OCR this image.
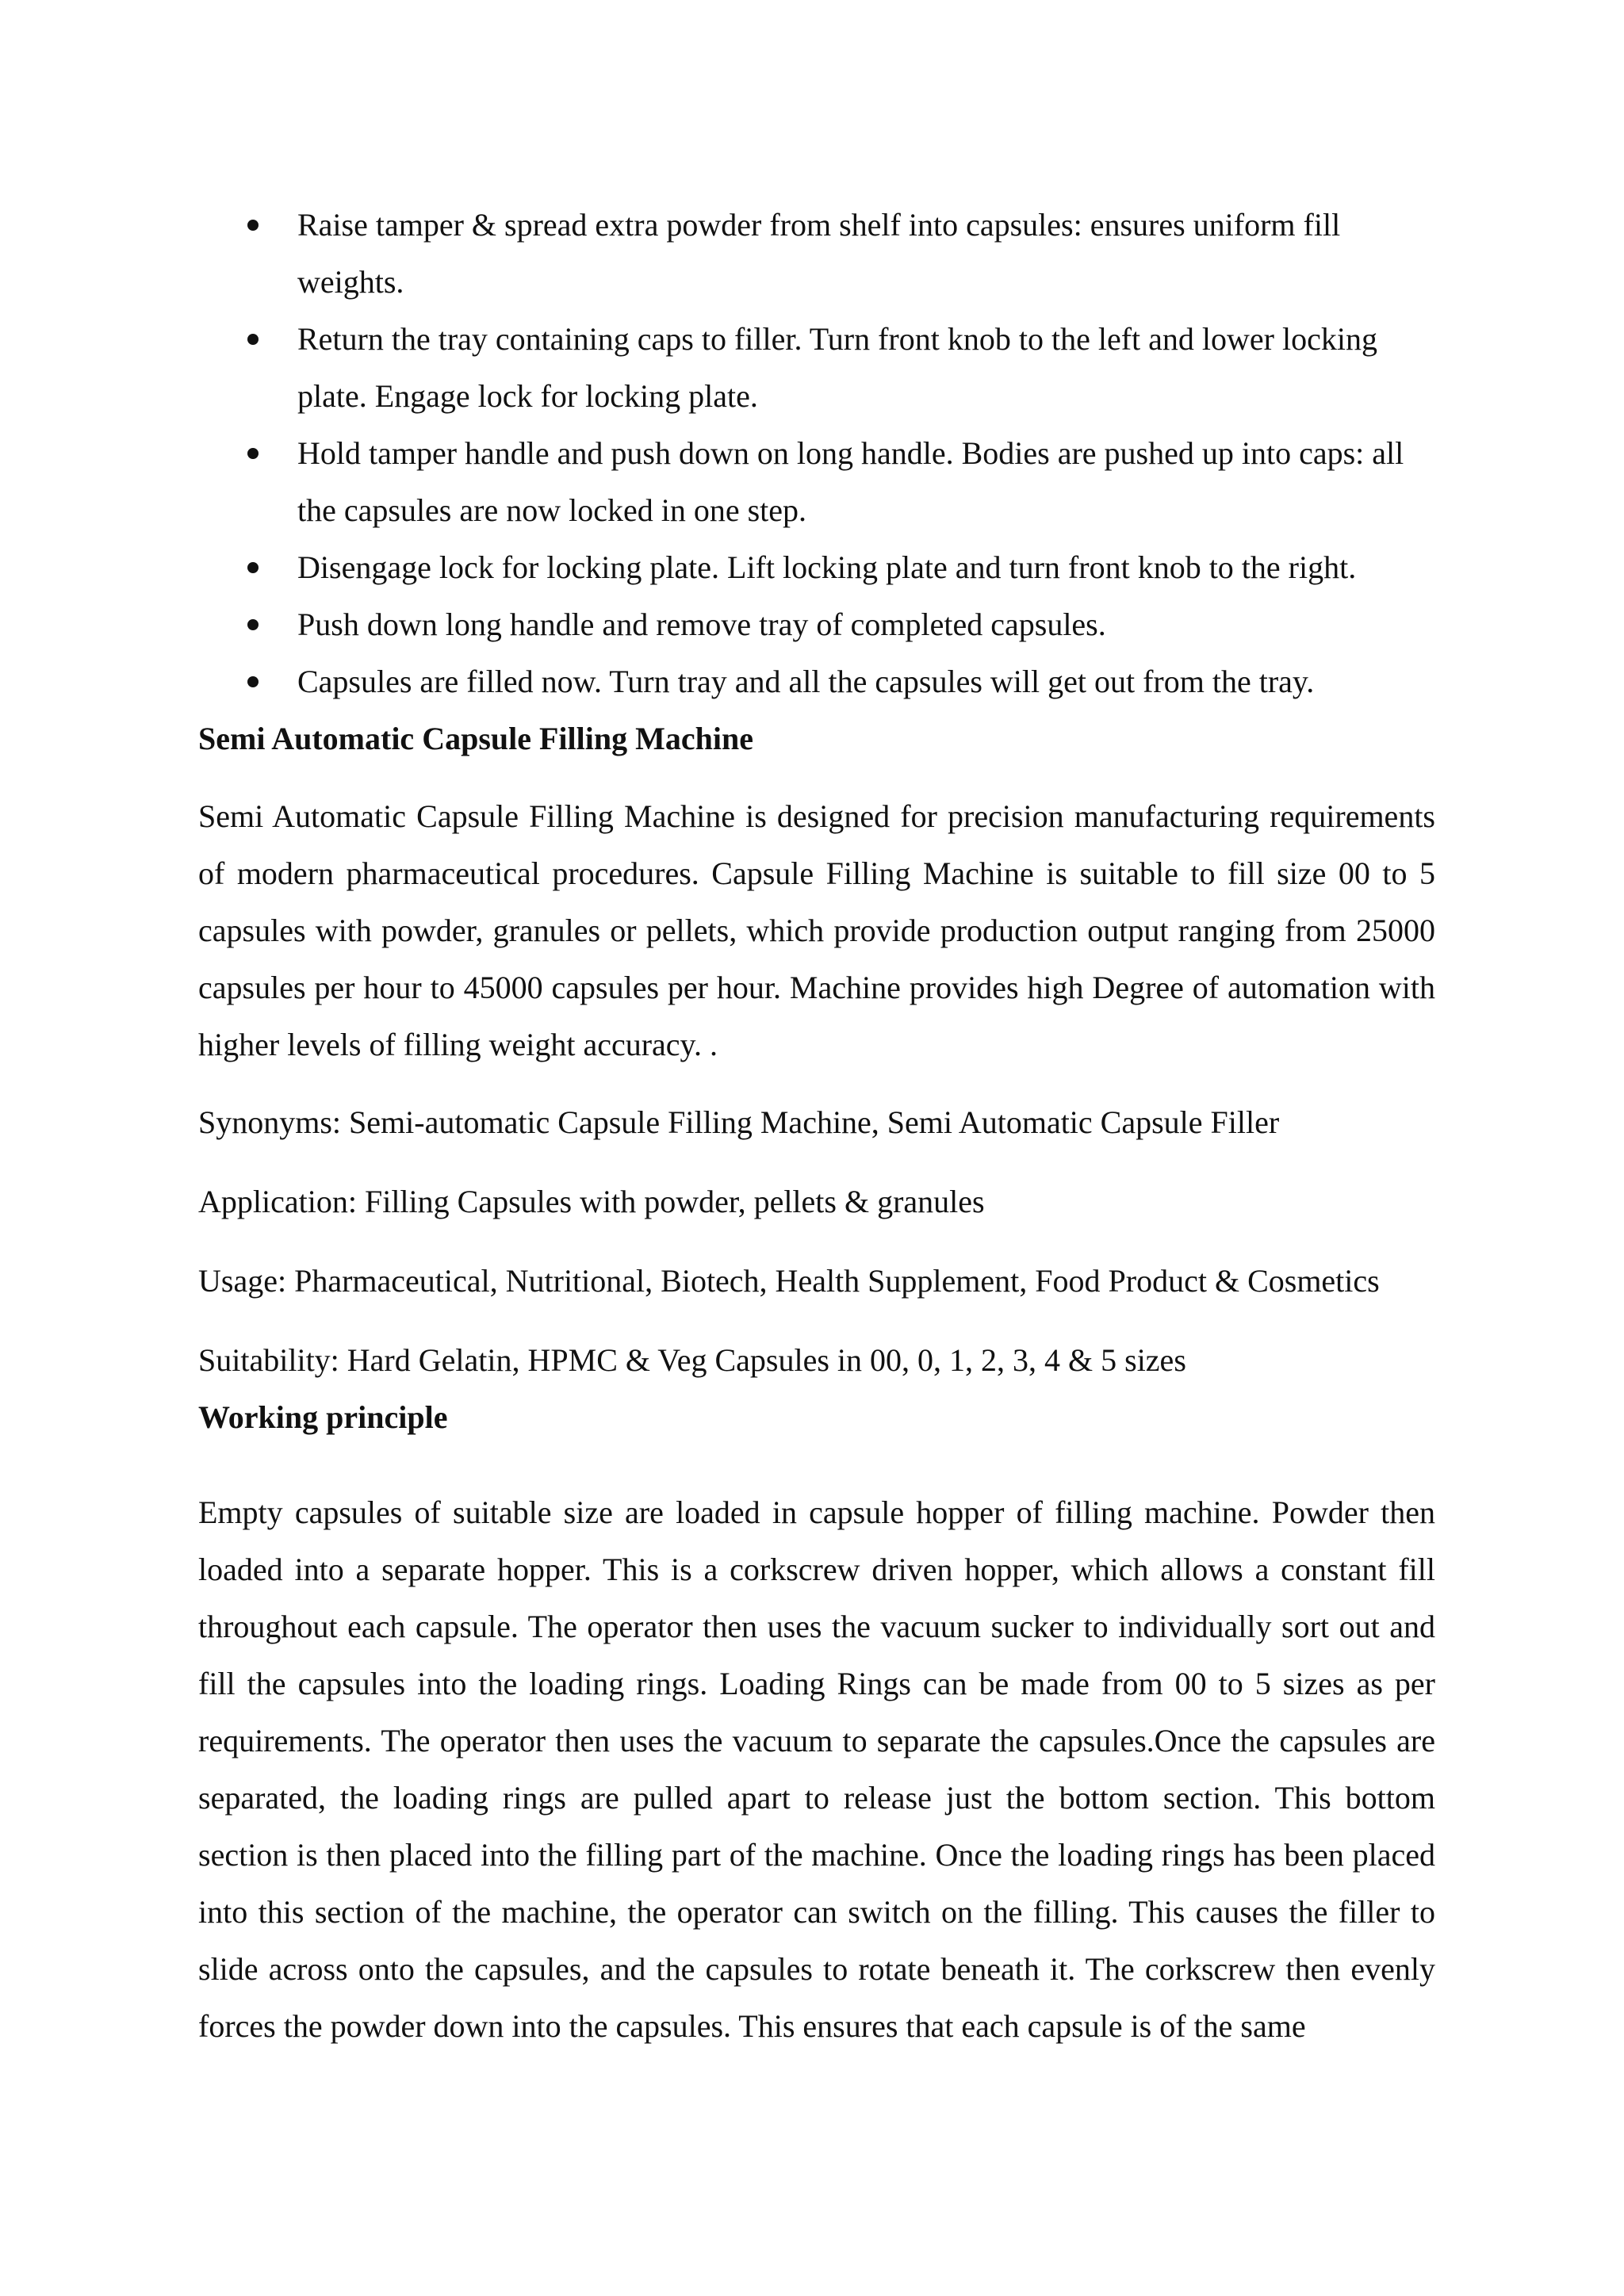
Raise tamper & spread extra powder from shelf into capsules: ensures uniform fill weights.
Return the tray containing caps to filler. Turn front knob to the left and lower locking plate. Engage lock for locking plate.
Hold tamper handle and push down on long handle. Bodies are pushed up into caps: all the capsules are now locked in one step.
Disengage lock for locking plate. Lift locking plate and turn front knob to the right.
Push down long handle and remove tray of completed capsules.
Capsules are filled now. Turn tray and all the capsules will get out from the tray.
Semi Automatic Capsule Filling Machine

Semi Automatic Capsule Filling Machine is designed for precision manufacturing requirements of modern pharmaceutical procedures. Capsule Filling Machine is suitable to fill size 00 to 5 capsules with powder, granules or pellets, which provide production output ranging from 25000 capsules per hour to 45000 capsules per hour. Machine provides high Degree of automation with higher levels of filling weight accuracy. .

Synonyms: Semi-automatic Capsule Filling Machine, Semi Automatic Capsule Filler

Application: Filling Capsules with powder, pellets & granules

Usage: Pharmaceutical, Nutritional, Biotech, Health Supplement, Food Product & Cosmetics

Suitability: Hard Gelatin, HPMC & Veg Capsules in 00, 0, 1, 2, 3, 4 & 5 sizes

Working principle

Empty capsules of suitable size are loaded in capsule hopper of filling machine. Powder then loaded into a separate hopper. This is a corkscrew driven hopper, which allows a constant fill throughout each capsule. The operator then uses the vacuum sucker to individually sort out and fill the capsules into the loading rings. Loading Rings can be made from 00 to 5 sizes as per requirements. The operator then uses the vacuum to separate the capsules.Once the capsules are separated, the loading rings are pulled apart to release just the bottom section. This bottom section is then placed into the filling part of the machine. Once the loading rings has been placed into this section of the machine, the operator can switch on the filling. This causes the filler to slide across onto the capsules, and the capsules to rotate beneath it. The corkscrew then evenly forces the powder down into the capsules. This ensures that each capsule is of the same
